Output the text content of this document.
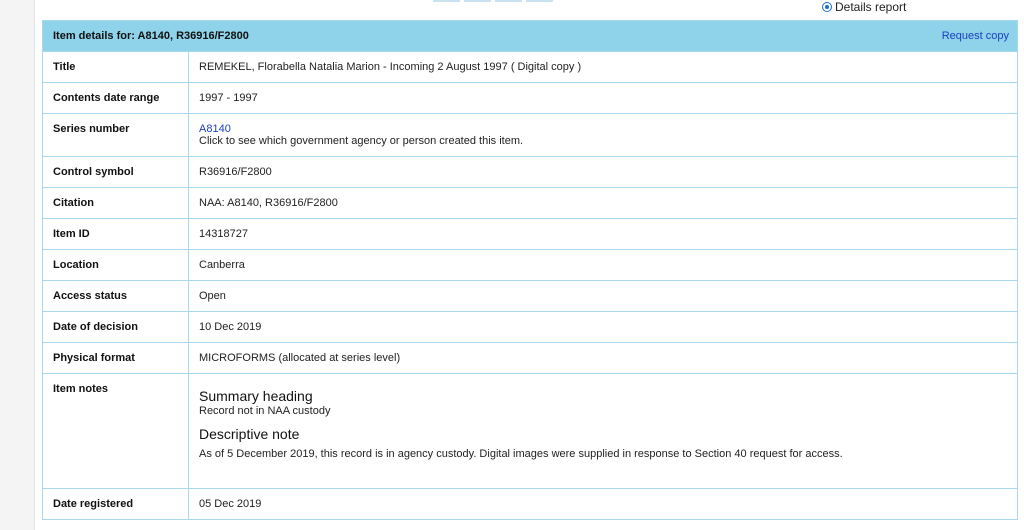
Details report
Item details for: A8140, R36916/F2800	Request copy
Title	REMEKEL, Florabella Natalia Marion - Incoming 2 August 1997 ( Digital copy )
Contents date range	1997 - 1997
Series number	A8140
Click to see which government agency or person created this item.
Control symbol	R36916/F2800
Citation	NAA: A8140, R36916/F2800
Item ID	14318727
Location	Canberra
Access status	Open
Date of decision	10 Dec 2019
Physical format	MICROFORMS (allocated at series level)
Item notes	Summary heading
Record not in NAA custody
Descriptive note
As of 5 December 2019, this record is in agency custody. Digital images were supplied in response to Section 40 request for access.
Date registered	05 Dec 2019
